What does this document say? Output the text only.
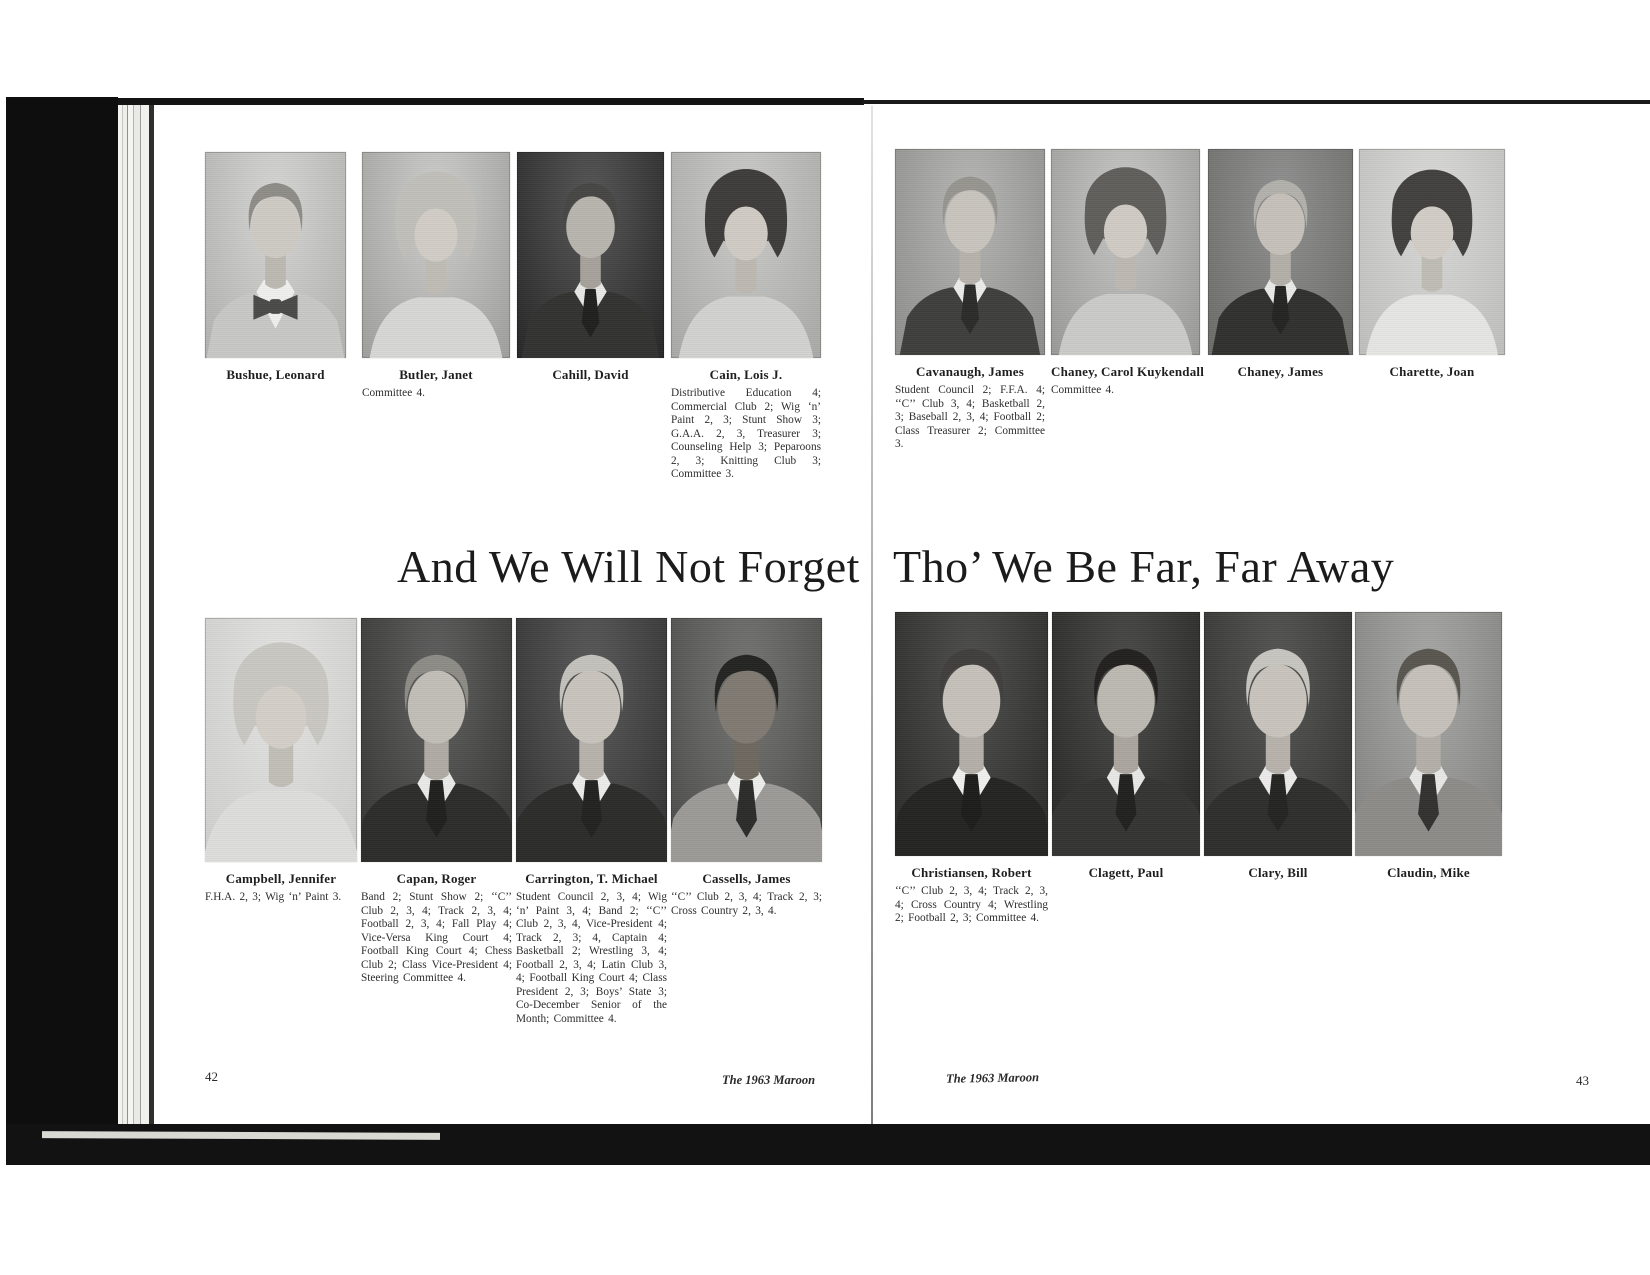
Bushue, Leonard	Butler, Janet
Committee 4.
Cahill, David	Cain, Lois J.
Distributive Education 4; Commercial Club 2; Wig ‘n’ Paint 2, 3; Stunt Show 3; G.A.A. 2, 3, Treasurer 3; Counseling Help 3; Peparoons 2, 3; Knitting Club 3; Committee 3.
And We Will Not Forget
Campbell, Jennifer
F.H.A. 2, 3; Wig ‘n’ Paint 3.
Capan, Roger
Band 2; Stunt Show 2; ‘‘C’’ Club 2, 3, 4; Track 2, 3, 4; Football 2, 3, 4; Fall Play 4; Vice-Versa King Court 4; Football King Court 4; Chess Club 2; Class Vice-President 4; Steering Committee 4.
Carrington, T. Michael
Student Council 2, 3, 4; Wig ‘n’ Paint 3, 4; Band 2; ‘‘C’’ Club 2, 3, 4, Vice-President 4; Track 2, 3; 4, Captain 4; Basketball 2; Wrestling 3, 4; Football 2, 3, 4; Latin Club 3, 4; Football King Court 4; Class President 2, 3; Boys’ State 3; Co-December Senior of the Month; Committee 4.
Cassells, James
‘‘C’’ Club 2, 3, 4; Track 2, 3; Cross Country 2, 3, 4.
42	The 1963 Maroon
Cavanaugh, James
Student Council 2; F.F.A. 4; ‘‘C’’ Club 3, 4; Basketball 2, 3; Baseball 2, 3, 4; Football 2; Class Treasurer 2; Committee 3.
Chaney, Carol Kuykendall
Committee 4.
Chaney, James	Charette, Joan
Tho’ We Be Far, Far Away
Christiansen, Robert
‘‘C’’ Club 2, 3, 4; Track 2, 3, 4; Cross Country 4; Wrestling 2; Football 2, 3; Committee 4.
Clagett, Paul	Clary, Bill	Claudin, Mike
The 1963 Maroon	43
